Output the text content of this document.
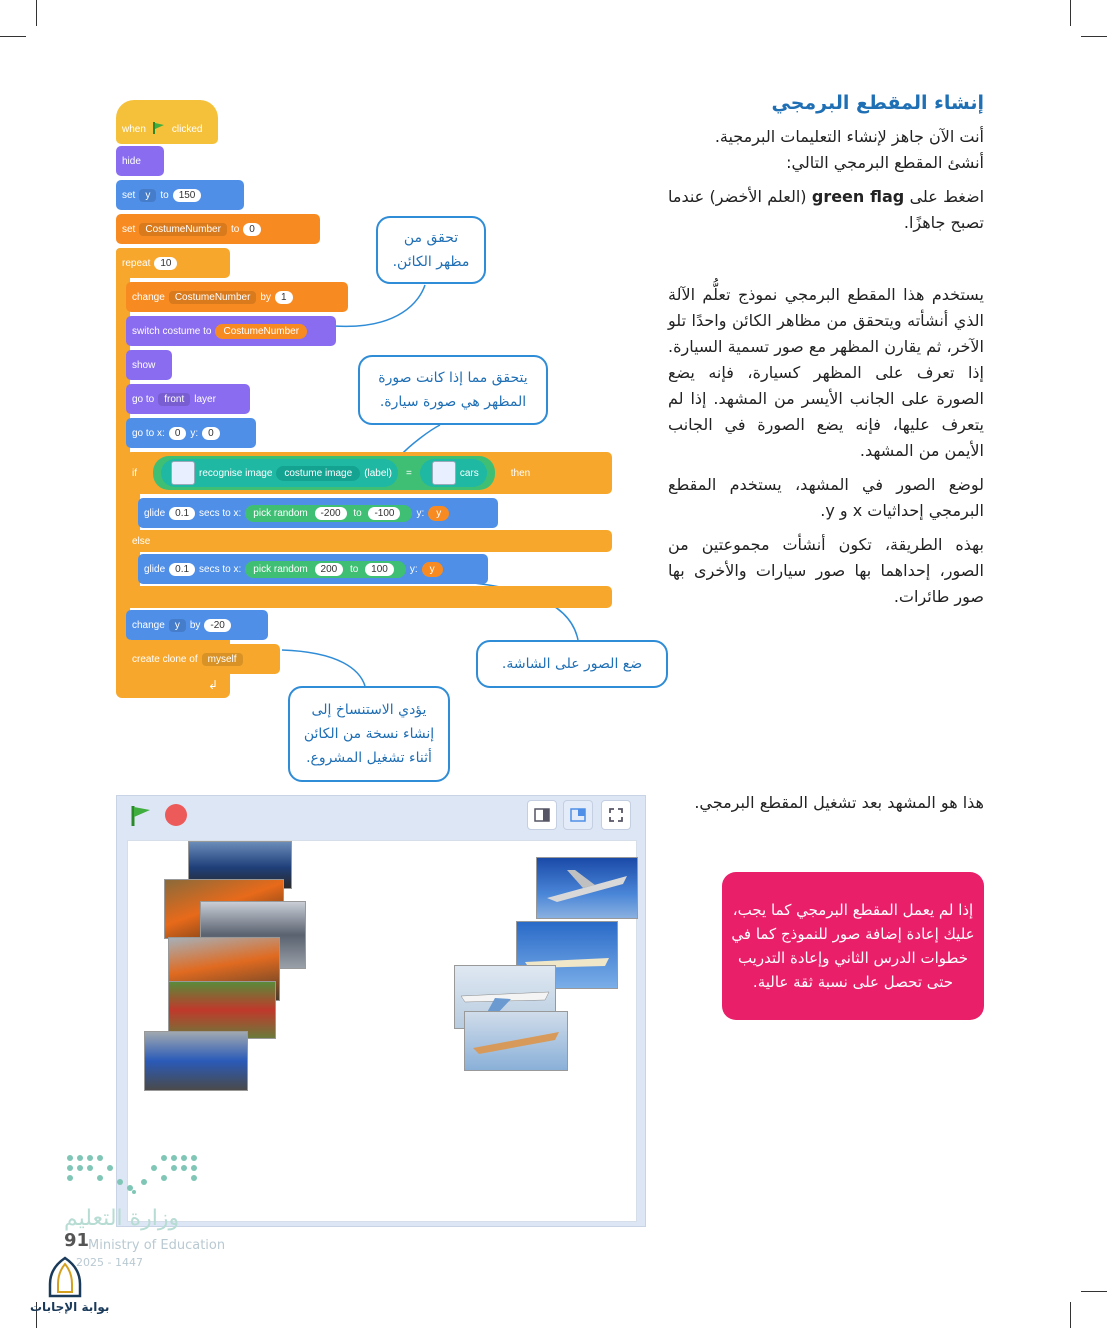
إنشاء المقطع البرمجي
أنت الآن جاهز لإنشاء التعليمات البرمجية.
أنشئ المقطع البرمجي التالي:
اضغط على green flag (العلم الأخضر) عندما تصبح جاهزًا.
يستخدم هذا المقطع البرمجي نموذج تعلُّم الآلة الذي أنشأته ويتحقق من مظاهر الكائن واحدًا تلو الآخر، ثم يقارن المظهر مع صور تسمية السيارة. إذا تعرف على المظهر كسيارة، فإنه يضع الصورة على الجانب الأيسر من المشهد. إذا لم يتعرف عليها، فإنه يضع الصورة في الجانب الأيمن من المشهد.
لوضع الصور في المشهد، يستخدم المقطع البرمجي إحداثيات x و y.
بهذه الطريقة، تكون أنشأت مجموعتين من الصور، إحداهما بها صور سيارات والأخرى بها صور طائرات.
هذا هو المشهد بعد تشغيل المقطع البرمجي.
when	clicked
hide
set	y	to	150
set	CostumeNumber	to	0
repeat	10
change	CostumeNumber	by	1
switch costume to	CostumeNumber
show
go to	front	layer
go to x:	0	y:	0
if	recognise image	costume image	(label) =	cars	then
glide	0.1	secs to x:	pick random -200 to -100	y:	y
else
glide	0.1	secs to x:	pick random 200 to 100	y:	y
change	y	by	-20
create clone of	myself
↲
تحقق من مظهر الكائن.
يتحقق مما إذا كانت صورة المظهر هي صورة سيارة.
ضع الصور على الشاشة.
يؤدي الاستنساخ إلى إنشاء نسخة من الكائن أثناء تشغيل المشروع.
إذا لم يعمل المقطع البرمجي كما يجب، عليك إعادة إضافة صور للنموذج كما في خطوات الدرس الثاني وإعادة التدريب حتى تحصل على نسبة ثقة عالية.
وزارة التعليم
91
Ministry of Education
2025 - 1447
بوابة الإجابات
